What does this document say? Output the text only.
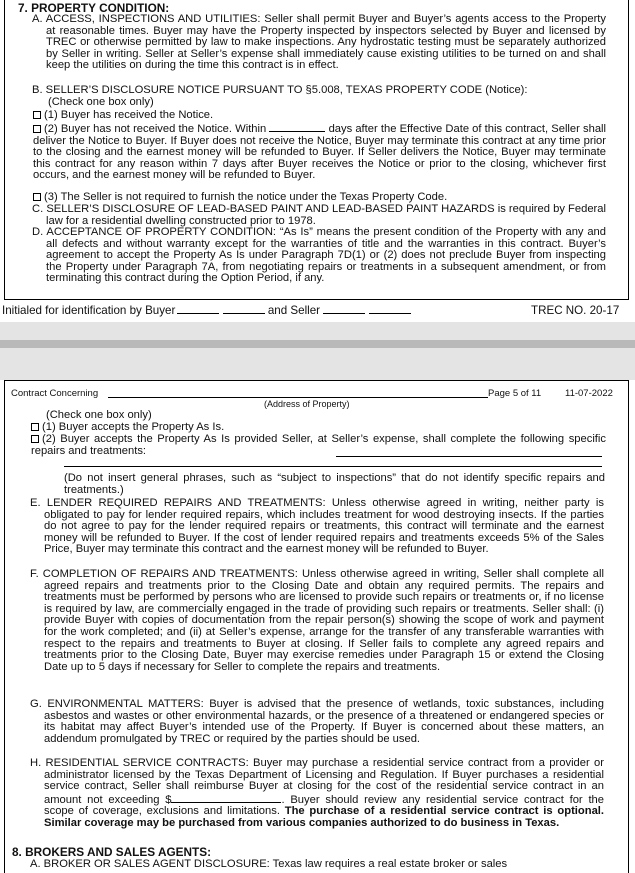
7. PROPERTY CONDITION:
A. ACCESS, INSPECTIONS AND UTILITIES: Seller shall permit Buyer and Buyer’s agents access to the Property at reasonable times. Buyer may have the Property inspected by inspectors selected by Buyer and licensed by TREC or otherwise permitted by law to make inspections. Any hydrostatic testing must be separately authorized by Seller in writing. Seller at Seller’s expense shall immediately cause existing utilities to be turned on and shall keep the utilities on during the time this contract is in effect.
B. SELLER’S DISCLOSURE NOTICE PURSUANT TO §5.008, TEXAS PROPERTY CODE (Notice):
(Check one box only)
(1) Buyer has received the Notice.
(2) Buyer has not received the Notice. Within	days after the Effective Date of this contract, Seller shall deliver the Notice to Buyer. If Buyer does not receive the Notice, Buyer may terminate this contract at any time prior to the closing and the earnest money will be refunded to Buyer. If Seller delivers the Notice, Buyer may terminate this contract for any reason within 7 days after Buyer receives the Notice or prior to the closing, whichever first occurs, and the earnest money will be refunded to Buyer.
(3) The Seller is not required to furnish the notice under the Texas Property Code.
C. SELLER’S DISCLOSURE OF LEAD-BASED PAINT AND LEAD-BASED PAINT HAZARDS is required by Federal law for a residential dwelling constructed prior to 1978.
D. ACCEPTANCE OF PROPERTY CONDITION: “As Is” means the present condition of the Property with any and all defects and without warranty except for the warranties of title and the warranties in this contract. Buyer’s agreement to accept the Property As Is under Paragraph 7D(1) or (2) does not preclude Buyer from inspecting the Property under Paragraph 7A, from negotiating repairs or treatments in a subsequent amendment, or from terminating this contract during the Option Period, if any.
Initialed for identification by Buyer	and Seller	TREC NO. 20-17
Contract Concerning
(Address of Property)
Page 5 of 11	11-07-2022
(Check one box only)
(1) Buyer accepts the Property As Is.
(2) Buyer accepts the Property As Is provided Seller, at Seller’s expense, shall complete the following specific repairs and treatments:
(Do not insert general phrases, such as “subject to inspections” that do not identify specific repairs and treatments.)
E. LENDER REQUIRED REPAIRS AND TREATMENTS: Unless otherwise agreed in writing, neither party is obligated to pay for lender required repairs, which includes treatment for wood destroying insects. If the parties do not agree to pay for the lender required repairs or treatments, this contract will terminate and the earnest money will be refunded to Buyer. If the cost of lender required repairs and treatments exceeds 5% of the Sales Price, Buyer may terminate this contract and the earnest money will be refunded to Buyer.
F. COMPLETION OF REPAIRS AND TREATMENTS: Unless otherwise agreed in writing, Seller shall complete all agreed repairs and treatments prior to the Closing Date and obtain any required permits. The repairs and treatments must be performed by persons who are licensed to provide such repairs or treatments or, if no license is required by law, are commercially engaged in the trade of providing such repairs or treatments. Seller shall: (i) provide Buyer with copies of documentation from the repair person(s) showing the scope of work and payment for the work completed; and (ii) at Seller’s expense, arrange for the transfer of any transferable warranties with respect to the repairs and treatments to Buyer at closing. If Seller fails to complete any agreed repairs and treatments prior to the Closing Date, Buyer may exercise remedies under Paragraph 15 or extend the Closing Date up to 5 days if necessary for Seller to complete the repairs and treatments.
G. ENVIRONMENTAL MATTERS: Buyer is advised that the presence of wetlands, toxic substances, including asbestos and wastes or other environmental hazards, or the presence of a threatened or endangered species or its habitat may affect Buyer’s intended use of the Property. If Buyer is concerned about these matters, an addendum promulgated by TREC or required by the parties should be used.
H. RESIDENTIAL SERVICE CONTRACTS: Buyer may purchase a residential service contract from a provider or administrator licensed by the Texas Department of Licensing and Regulation. If Buyer purchases a residential service contract, Seller shall reimburse Buyer at closing for the cost of the residential service contract in an amount not exceeding $	. Buyer should review any residential service contract for the scope of coverage, exclusions and limitations. The purchase of a residential service contract is optional. Similar coverage may be purchased from various companies authorized to do business in Texas.
8. BROKERS AND SALES AGENTS:
A. BROKER OR SALES AGENT DISCLOSURE: Texas law requires a real estate broker or sales
